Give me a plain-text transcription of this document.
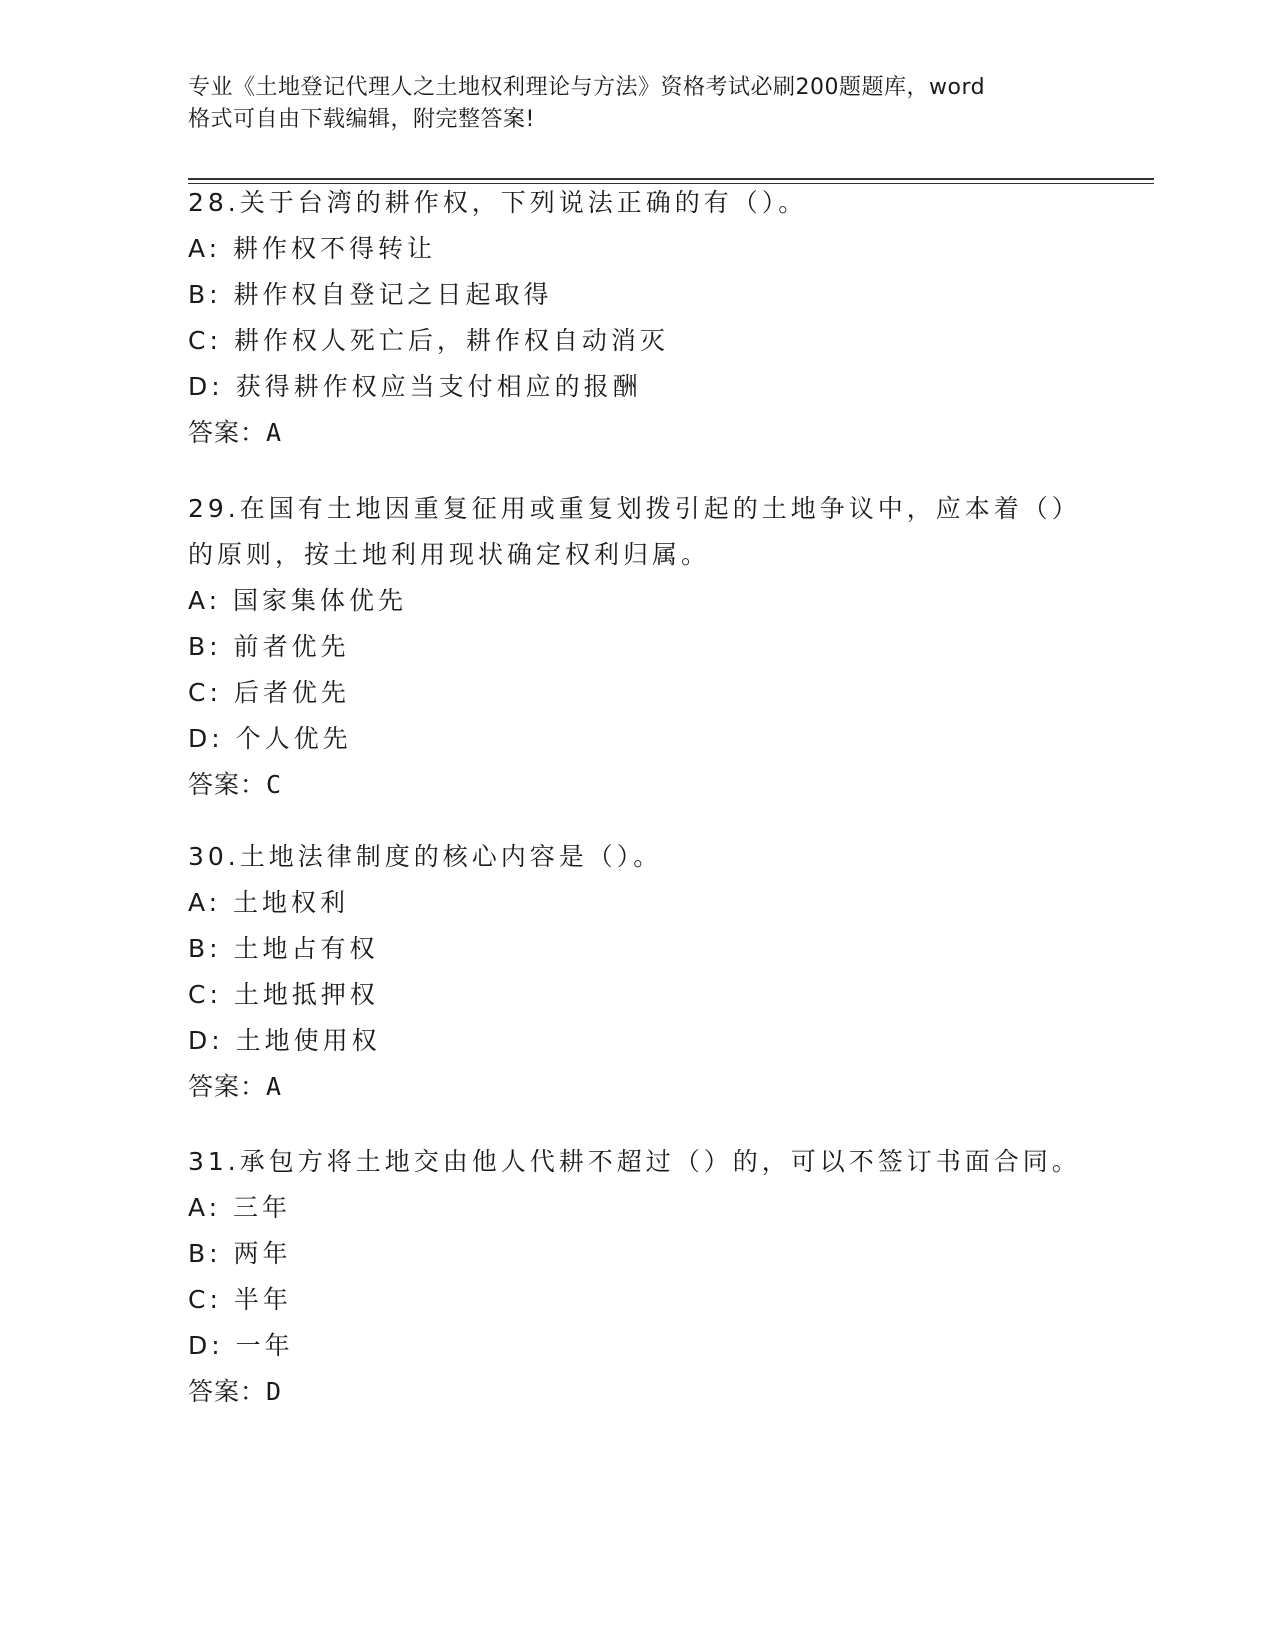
专业《土地登记代理人之土地权利理论与方法》资格考试必刷200题题库，word
格式可自由下载编辑，附完整答案!
28.关于台湾的耕作权，下列说法正确的有（）。
A: 耕作权不得转让
B: 耕作权自登记之日起取得
C: 耕作权人死亡后，耕作权自动消灭
D: 获得耕作权应当支付相应的报酬
答案：A
29.在国有土地因重复征用或重复划拨引起的土地争议中，应本着（）
的原则，按土地利用现状确定权利归属。
A: 国家集体优先
B: 前者优先
C: 后者优先
D: 个人优先
答案：C
30.土地法律制度的核心内容是（）。
A: 土地权利
B: 土地占有权
C: 土地抵押权
D: 土地使用权
答案：A
31.承包方将土地交由他人代耕不超过（）的，可以不签订书面合同。
A: 三年
B: 两年
C: 半年
D: 一年
答案：D
